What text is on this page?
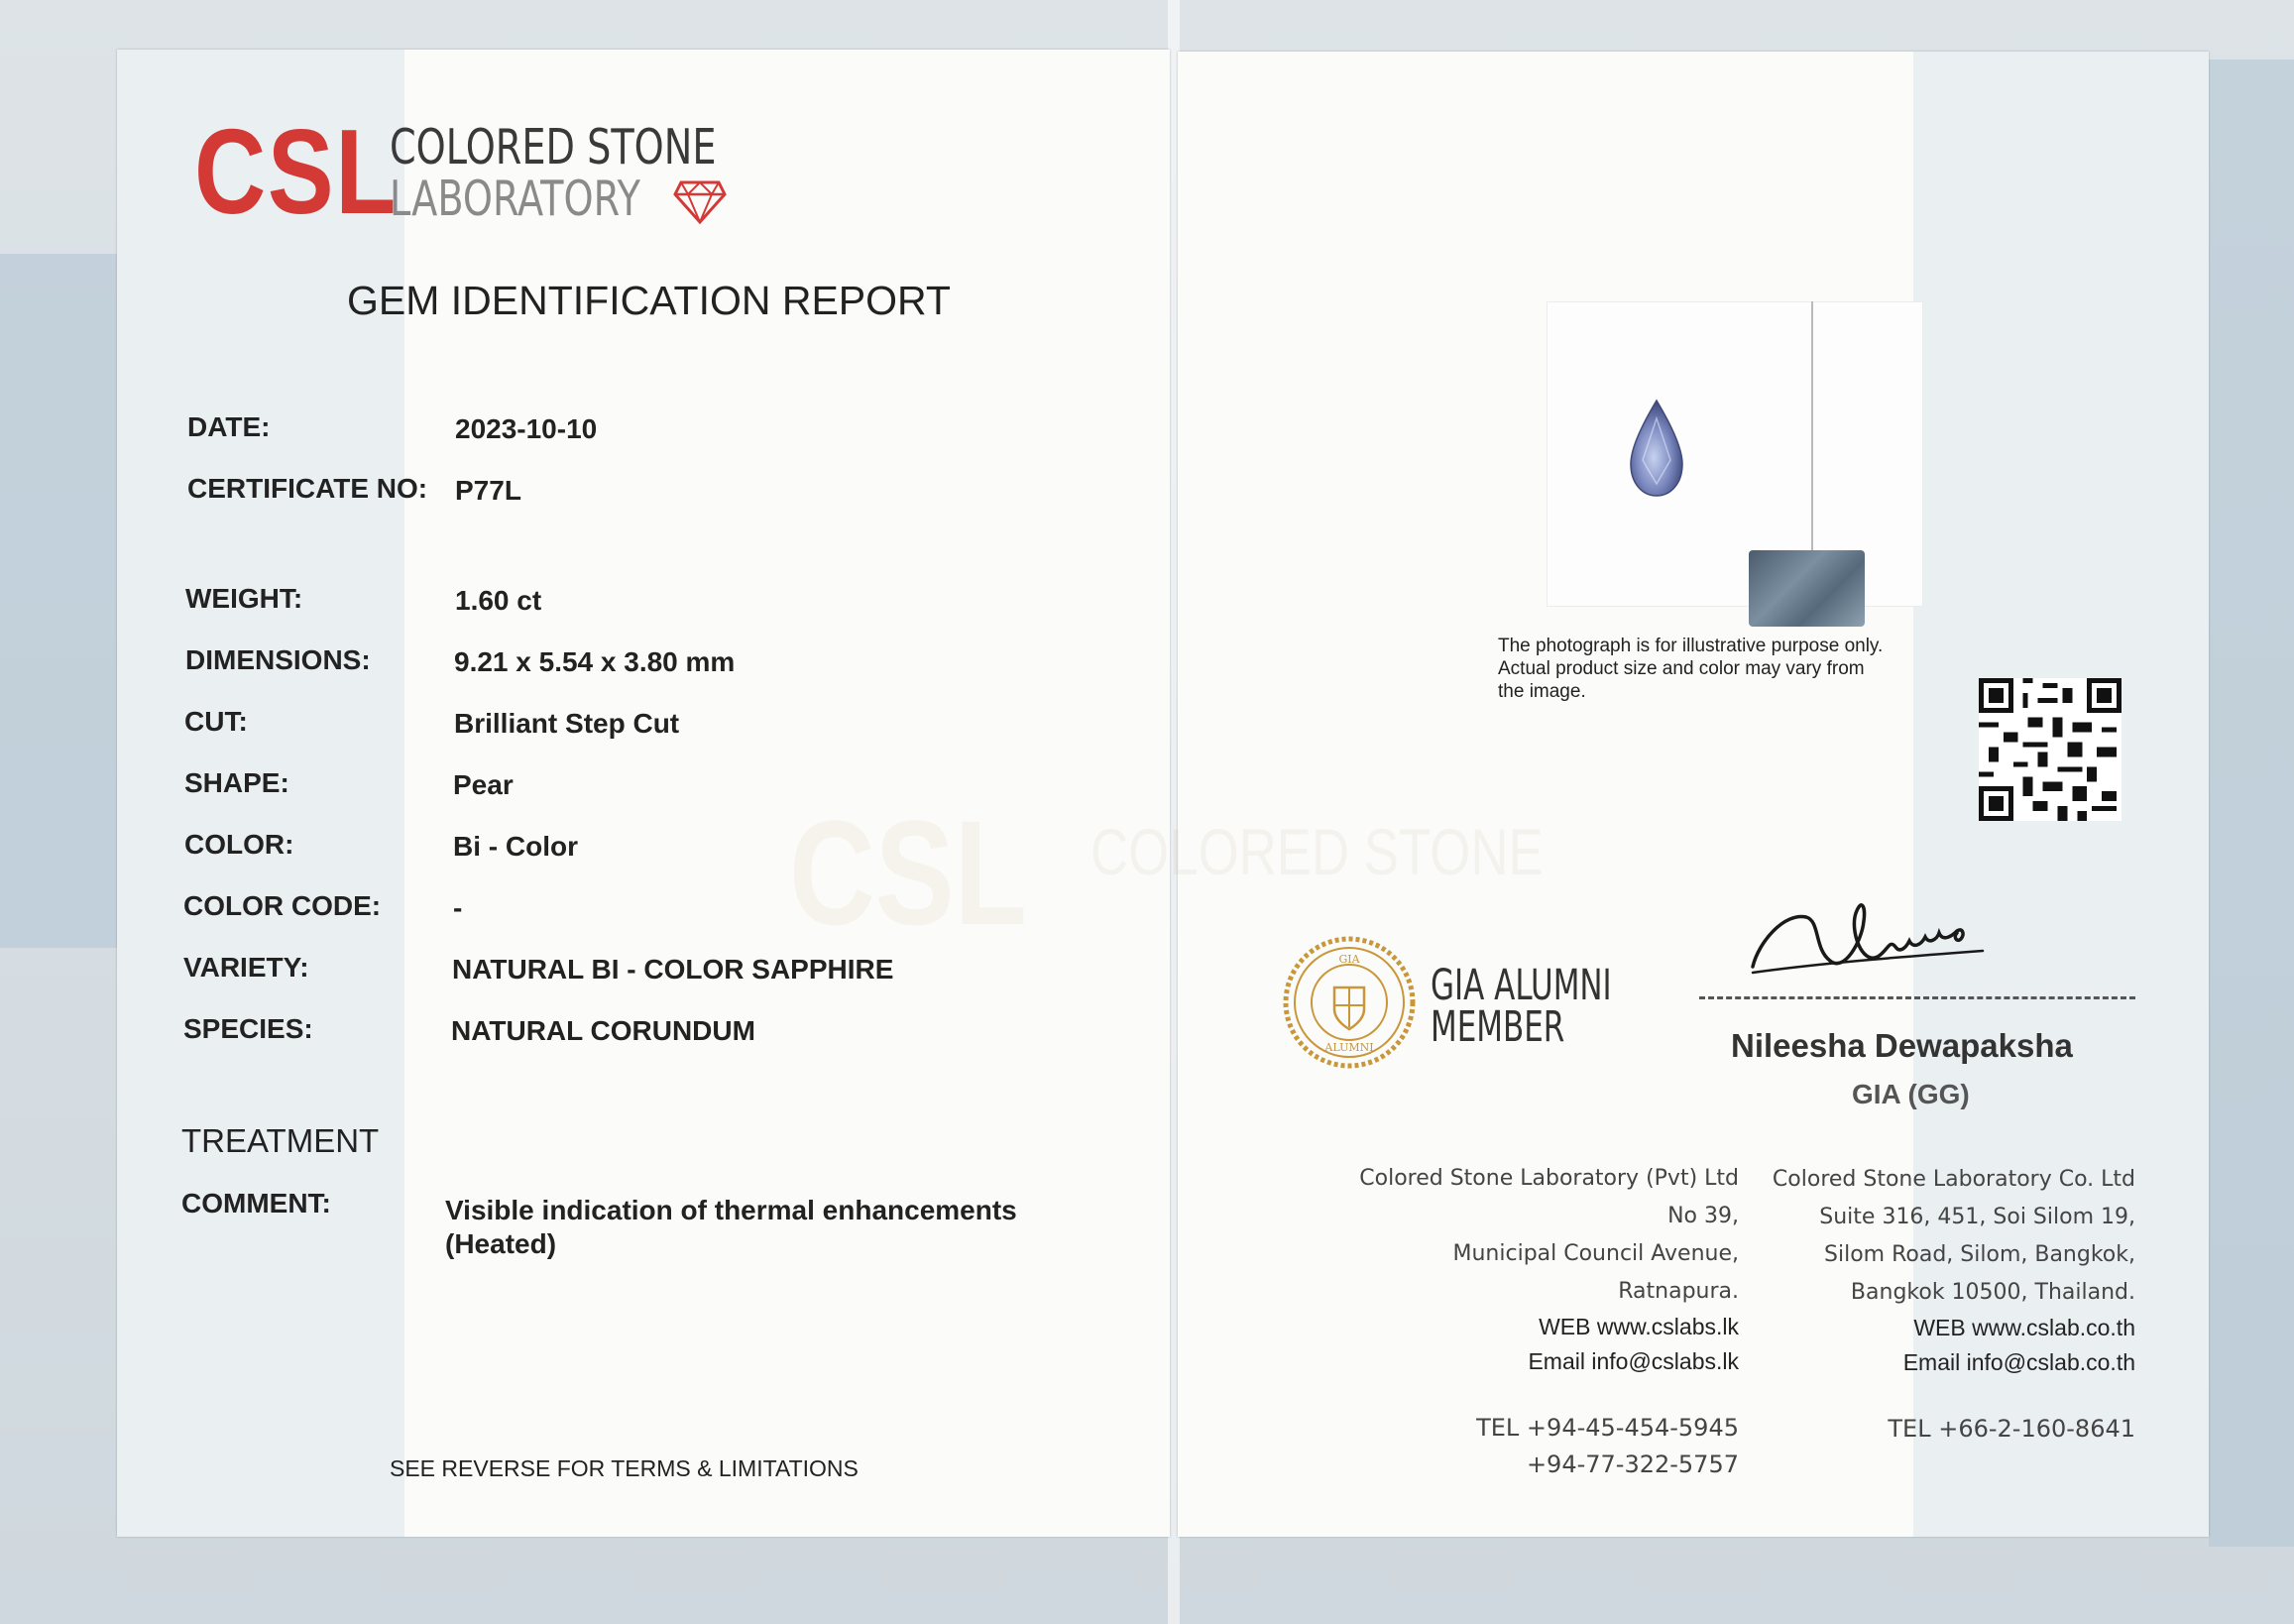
CSL
COLORED STONE
LABORATORY
GEM IDENTIFICATION REPORT
DATE:	2023-10-10
CERTIFICATE NO: P77L
WEIGHT:	1.60 ct
DIMENSIONS:	9.21 x 5.54 x 3.80 mm
CUT:	Brilliant Step Cut
SHAPE:	Pear
COLOR:	Bi - Color
COLOR CODE:	-
VARIETY:	NATURAL BI - COLOR SAPPHIRE
SPECIES:	NATURAL CORUNDUM
TREATMENT
COMMENT:	Visible indication of thermal enhancements
(Heated)
SEE REVERSE FOR TERMS & LIMITATIONS
CSL COLORED STONE
The photograph is for illustrative purpose only. Actual product size and color may vary from the image.
GIA
ALUMNI
GIA ALUMNI
MEMBER	Nileesha Dewapaksha
GIA (GG)
Colored Stone Laboratory (Pvt) Ltd
No 39,
Municipal Council Avenue,
Ratnapura.
WEB www.cslabs.lk
Email info@cslabs.lk
TEL +94-45-454-5945
+94-77-322-5757
Colored Stone Laboratory Co. Ltd
Suite 316, 451, Soi Silom 19,
Silom Road, Silom, Bangkok,
Bangkok 10500, Thailand.
WEB www.cslab.co.th
Email info@cslab.co.th
TEL +66-2-160-8641
